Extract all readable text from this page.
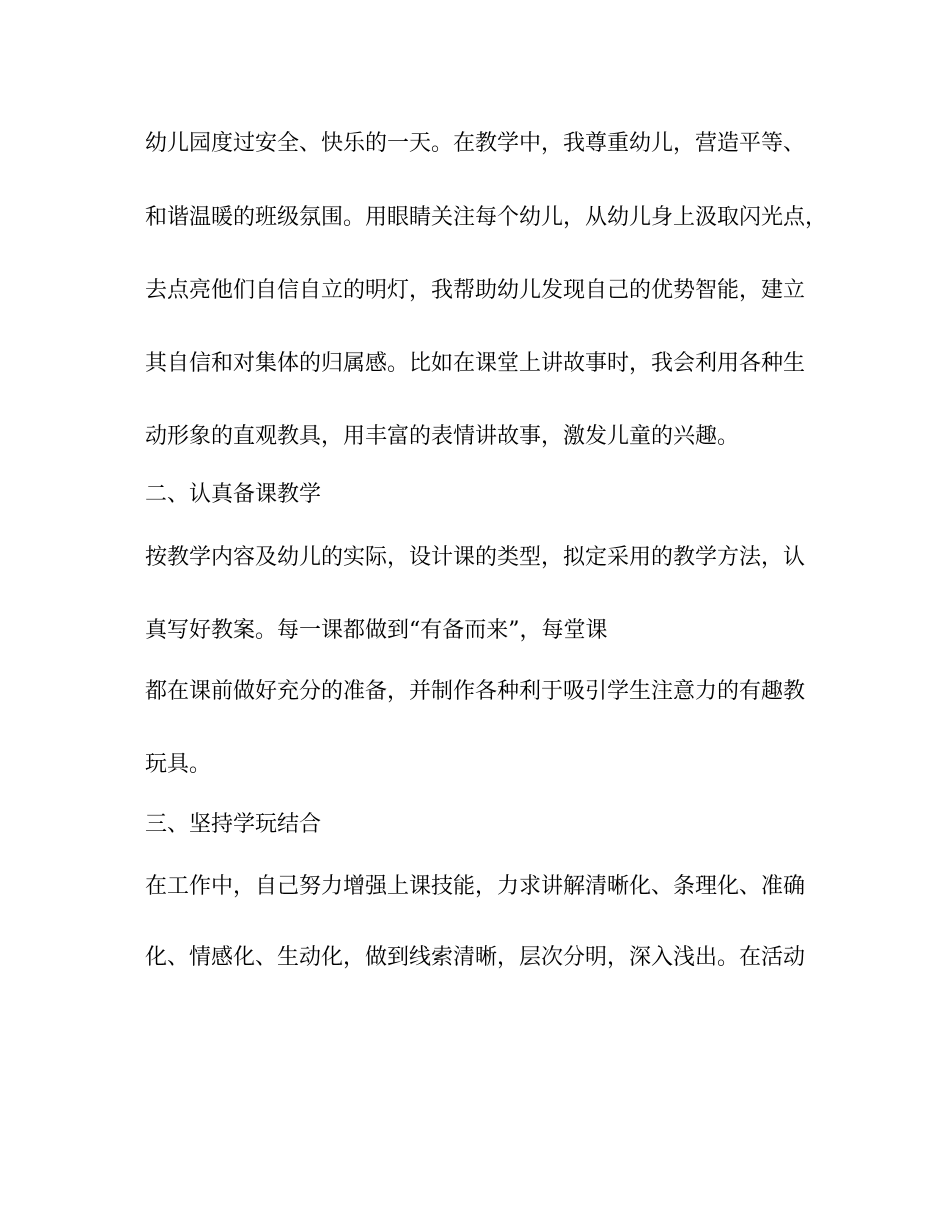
幼儿园度过安全、快乐的一天。在教学中，我尊重幼儿，营造平等、

和谐温暖的班级氛围。用眼睛关注每个幼儿，从幼儿身上汲取闪光点，

去点亮他们自信自立的明灯，我帮助幼儿发现自己的优势智能，建立

其自信和对集体的归属感。比如在课堂上讲故事时，我会利用各种生

动形象的直观教具，用丰富的表情讲故事，激发儿童的兴趣。

二、认真备课教学

按教学内容及幼儿的实际，设计课的类型，拟定采用的教学方法，认

真写好教案。每一课都做到“有备而来”，每堂课

都在课前做好充分的准备，并制作各种利于吸引学生注意力的有趣教

玩具。

三、坚持学玩结合

在工作中，自己努力增强上课技能，力求讲解清晰化、条理化、准确

化、情感化、生动化，做到线索清晰，层次分明，深入浅出。在活动
